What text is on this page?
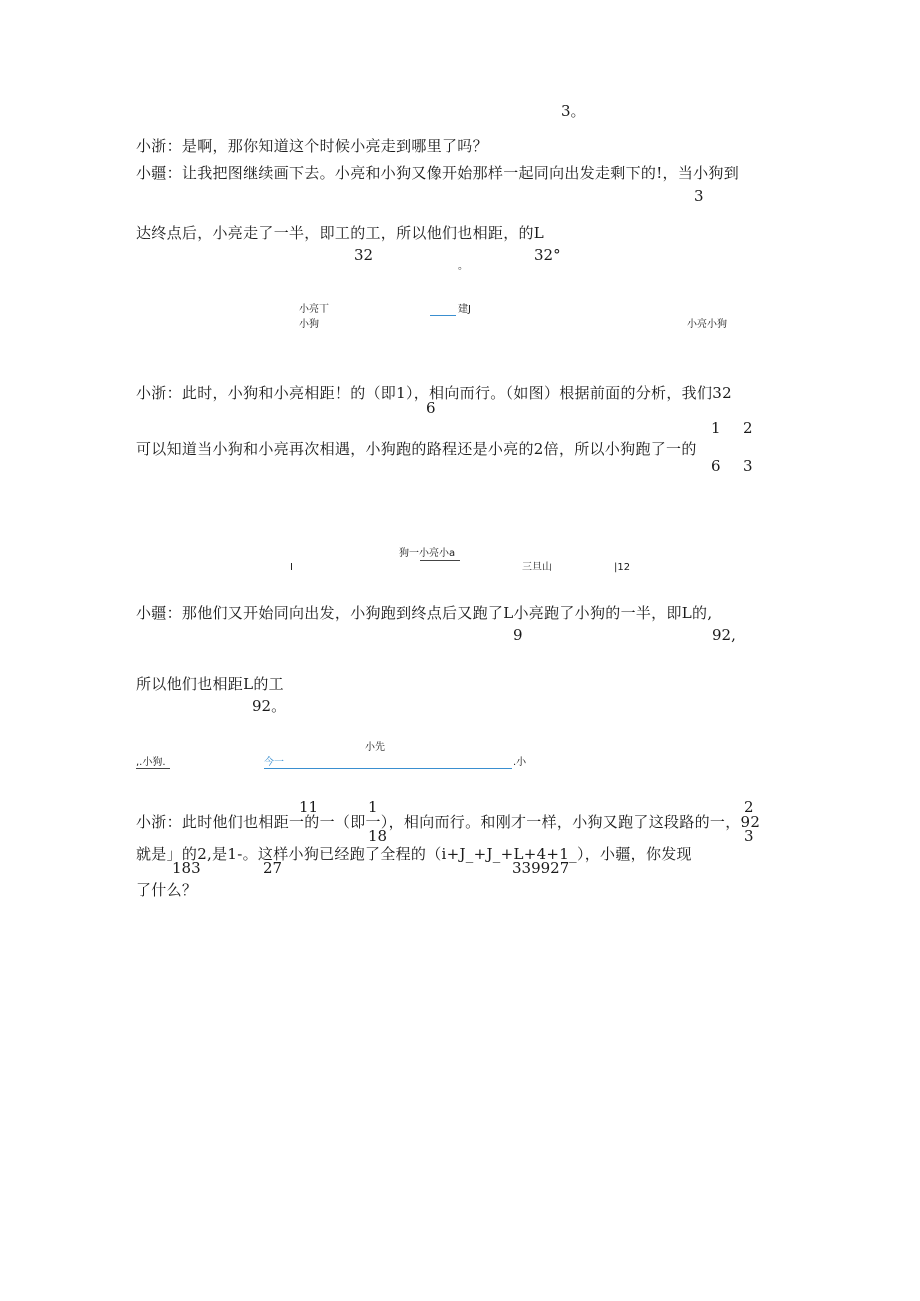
3。
小浙：是啊，那你知道这个时候小亮走到哪里了吗？
小疆：让我把图继续画下去。小亮和小狗又像开始那样一起同向出发走剩下的!，当小狗到
3
达终点后，小亮走了一半，即工的工，所以他们也相距，的L
32
。
32°
小亮丅
小狗
建J
小亮小狗
小浙：此时，小狗和小亮相距！的（即1），相向而行。（如图）根据前面的分析，我们32
6
1 2
可以知道当小狗和小亮再次相遇，小狗跑的路程还是小亮的2倍，所以小狗跑了一的
6 3
狗一小亮小a
I	三旦山	|12
小疆：那他们又开始同向出发，小狗跑到终点后又跑了L小亮跑了小狗的一半，即L的,
9	92,
所以他们也相距L的工
92。
小先
,.小狗.	今一	.小
11	1	2
小浙：此时他们也相距一的一（即一），相向而行。和刚才一样，小狗又跑了这段路的一，92
18	3
就是」的2,是1-。这样小狗已经跑了全程的（i+J_+J_+L+4+1_），小疆，你发现
183	27	339927
了什么？
